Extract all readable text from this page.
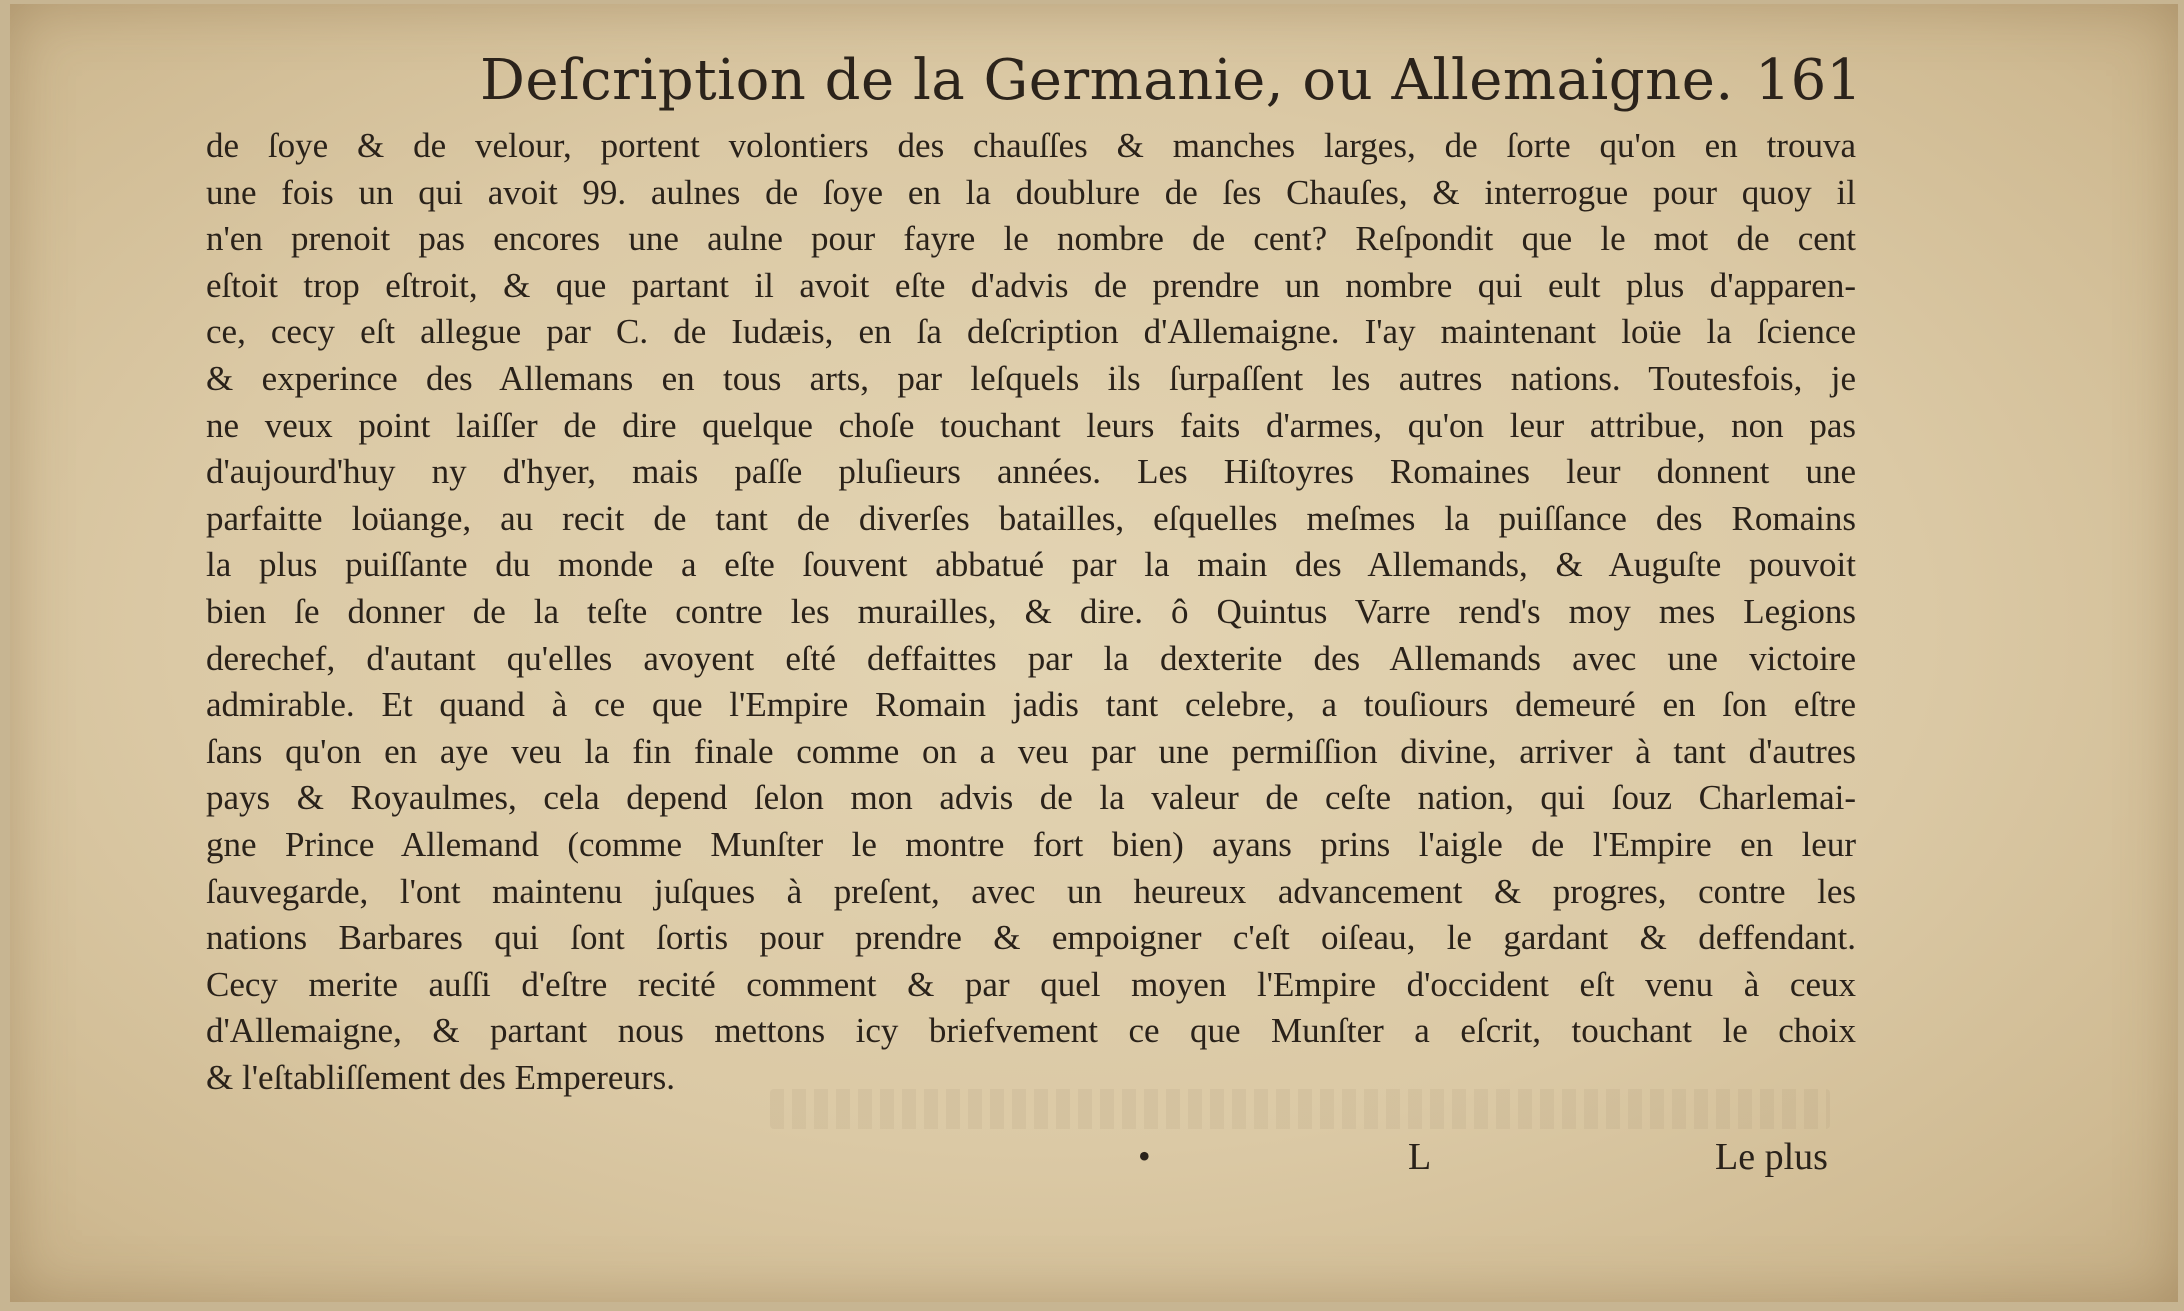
Deſcription de la Germanie, ou Allemaigne. 161
de ſoye & de velour, portent volontiers des chauſſes & manches larges, de ſorte qu'on en trouva
une fois un qui avoit 99. aulnes de ſoye en la doublure de ſes Chauſes, & interrogue pour quoy il
n'en prenoit pas encores une aulne pour fayre le nombre de cent? Reſpondit que le mot de cent
eſtoit trop eſtroit, & que partant il avoit eſte d'advis de prendre un nombre qui eult plus d'apparen-
ce, cecy eſt allegue par C. de Iudæis, en ſa deſcription d'Allemaigne. I'ay maintenant loüe la ſcience
& experince des Allemans en tous arts, par leſquels ils ſurpaſſent les autres nations. Toutesfois, je
ne veux point laiſſer de dire quelque choſe touchant leurs faits d'armes, qu'on leur attribue, non pas
d'aujourd'huy ny d'hyer, mais paſſe pluſieurs années. Les Hiſtoyres Romaines leur donnent une
parfaitte loüange, au recit de tant de diverſes batailles, eſquelles meſmes la puiſſance des Romains
la plus puiſſante du monde a eſte ſouvent abbatué par la main des Allemands, & Auguſte pouvoit
bien ſe donner de la teſte contre les murailles, & dire. ô Quintus Varre rend's moy mes Legions
derechef, d'autant qu'elles avoyent eſté deffaittes par la dexterite des Allemands avec une victoire
admirable. Et quand à ce que l'Empire Romain jadis tant celebre, a touſiours demeuré en ſon eſtre
ſans qu'on en aye veu la fin finale comme on a veu par une permiſſion divine, arriver à tant d'autres
pays & Royaulmes, cela depend ſelon mon advis de la valeur de ceſte nation, qui ſouz Charlemai-
gne Prince Allemand (comme Munſter le montre fort bien) ayans prins l'aigle de l'Empire en leur
ſauvegarde, l'ont maintenu juſques à preſent, avec un heureux advancement & progres, contre les
nations Barbares qui ſont ſortis pour prendre & empoigner c'eſt oiſeau, le gardant & deffendant.
Cecy merite auſſi d'eſtre recité comment & par quel moyen l'Empire d'occident eſt venu à ceux
d'Allemaigne, & partant nous mettons icy briefvement ce que Munſter a eſcrit, touchant le choix
& l'eſtabliſſement des Empereurs.
•	L	Le plus
